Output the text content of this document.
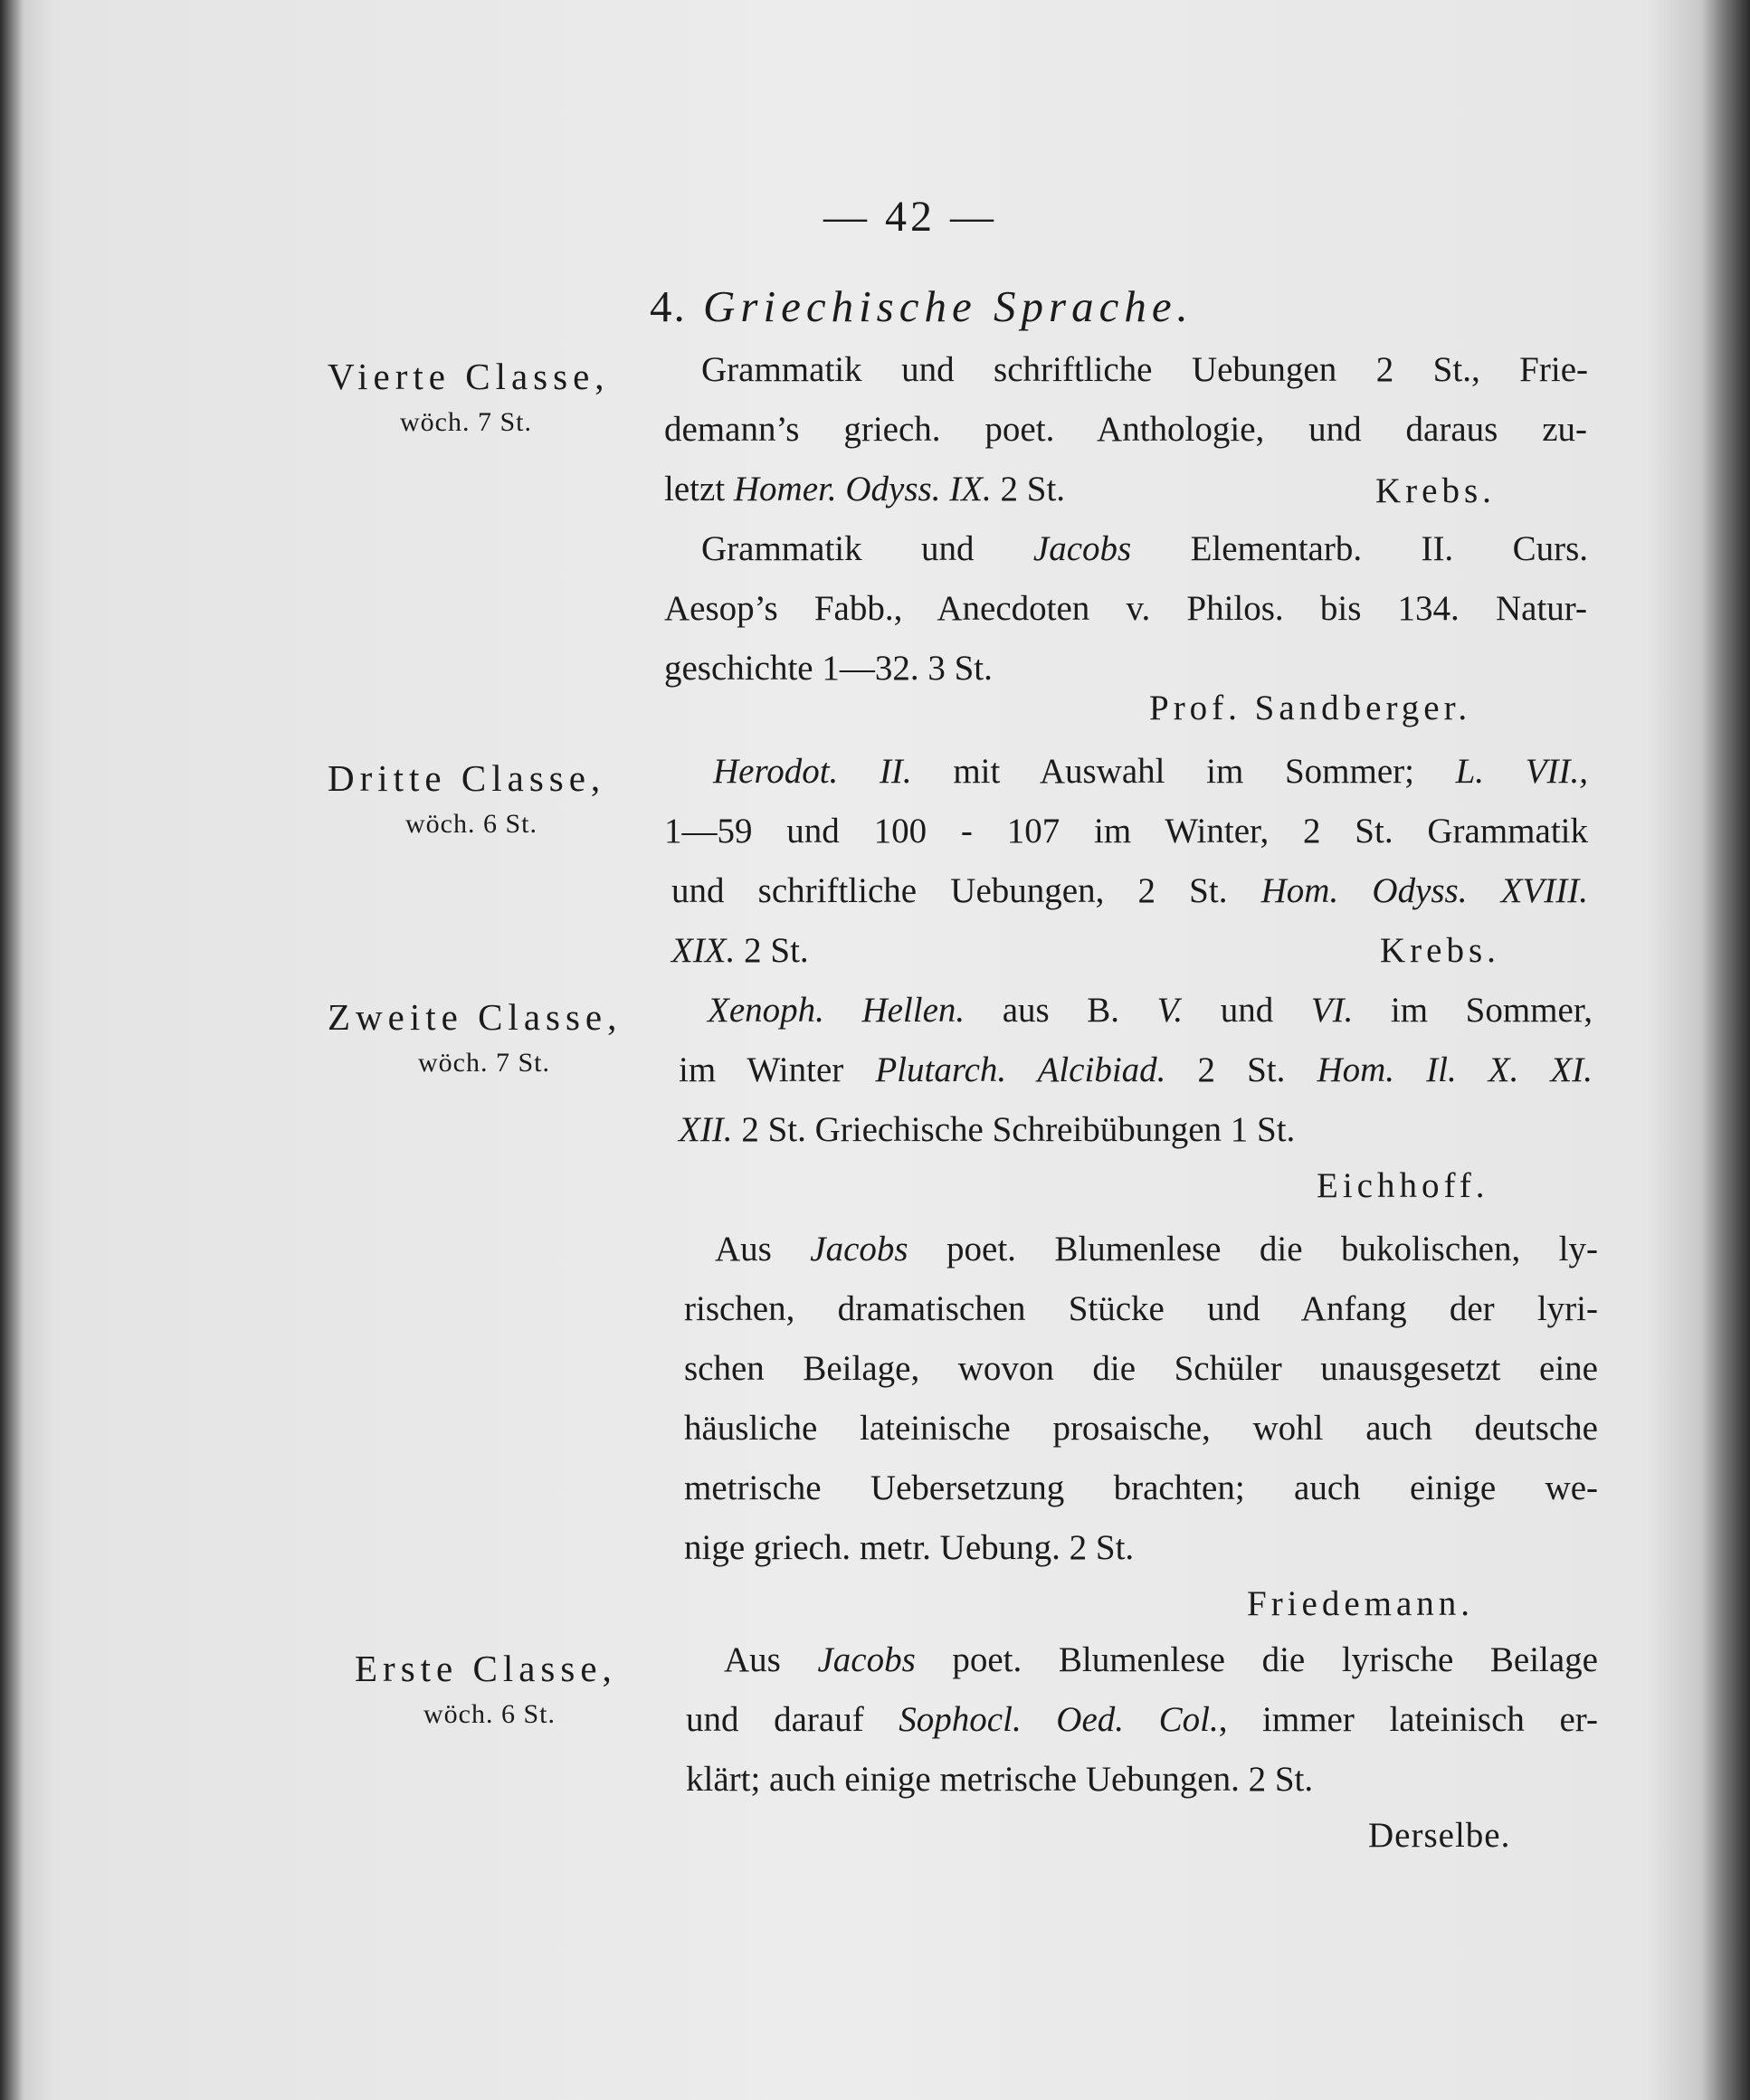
— 42 —
4. Griechische Sprache.
Vierte Classe,
wöch. 7 St.
Dritte Classe,
wöch. 6 St.
Zweite Classe,
wöch. 7 St.
Erste Classe,
wöch. 6 St.
Grammatik und schriftliche Uebungen 2 St., Frie-
demann’s griech. poet. Anthologie, und daraus zu-
letzt Homer. Odyss. IX. 2 St.	Krebs.
Grammatik und Jacobs Elementarb. II. Curs.
Aesop’s Fabb., Anecdoten v. Philos. bis 134. Natur-
geschichte 1—32. 3 St.
Prof. Sandberger.
Herodot. II. mit Auswahl im Sommer; L. VII.,
1—59 und 100 - 107 im Winter, 2 St. Grammatik
und schriftliche Uebungen, 2 St. Hom. Odyss. XVIII.
XIX. 2 St.	Krebs.
Xenoph. Hellen. aus B. V. und VI. im Sommer,
im Winter Plutarch. Alcibiad. 2 St. Hom. Il. X. XI.
XII. 2 St. Griechische Schreibübungen 1 St.
Eichhoff.
Aus Jacobs poet. Blumenlese die bukolischen, ly-
rischen, dramatischen Stücke und Anfang der lyri-
schen Beilage, wovon die Schüler unausgesetzt eine
häusliche lateinische prosaische, wohl auch deutsche
metrische Uebersetzung brachten; auch einige we-
nige griech. metr. Uebung. 2 St.
Friedemann.
Aus Jacobs poet. Blumenlese die lyrische Beilage
und darauf Sophocl. Oed. Col., immer lateinisch er-
klärt; auch einige metrische Uebungen. 2 St.
Derselbe.
